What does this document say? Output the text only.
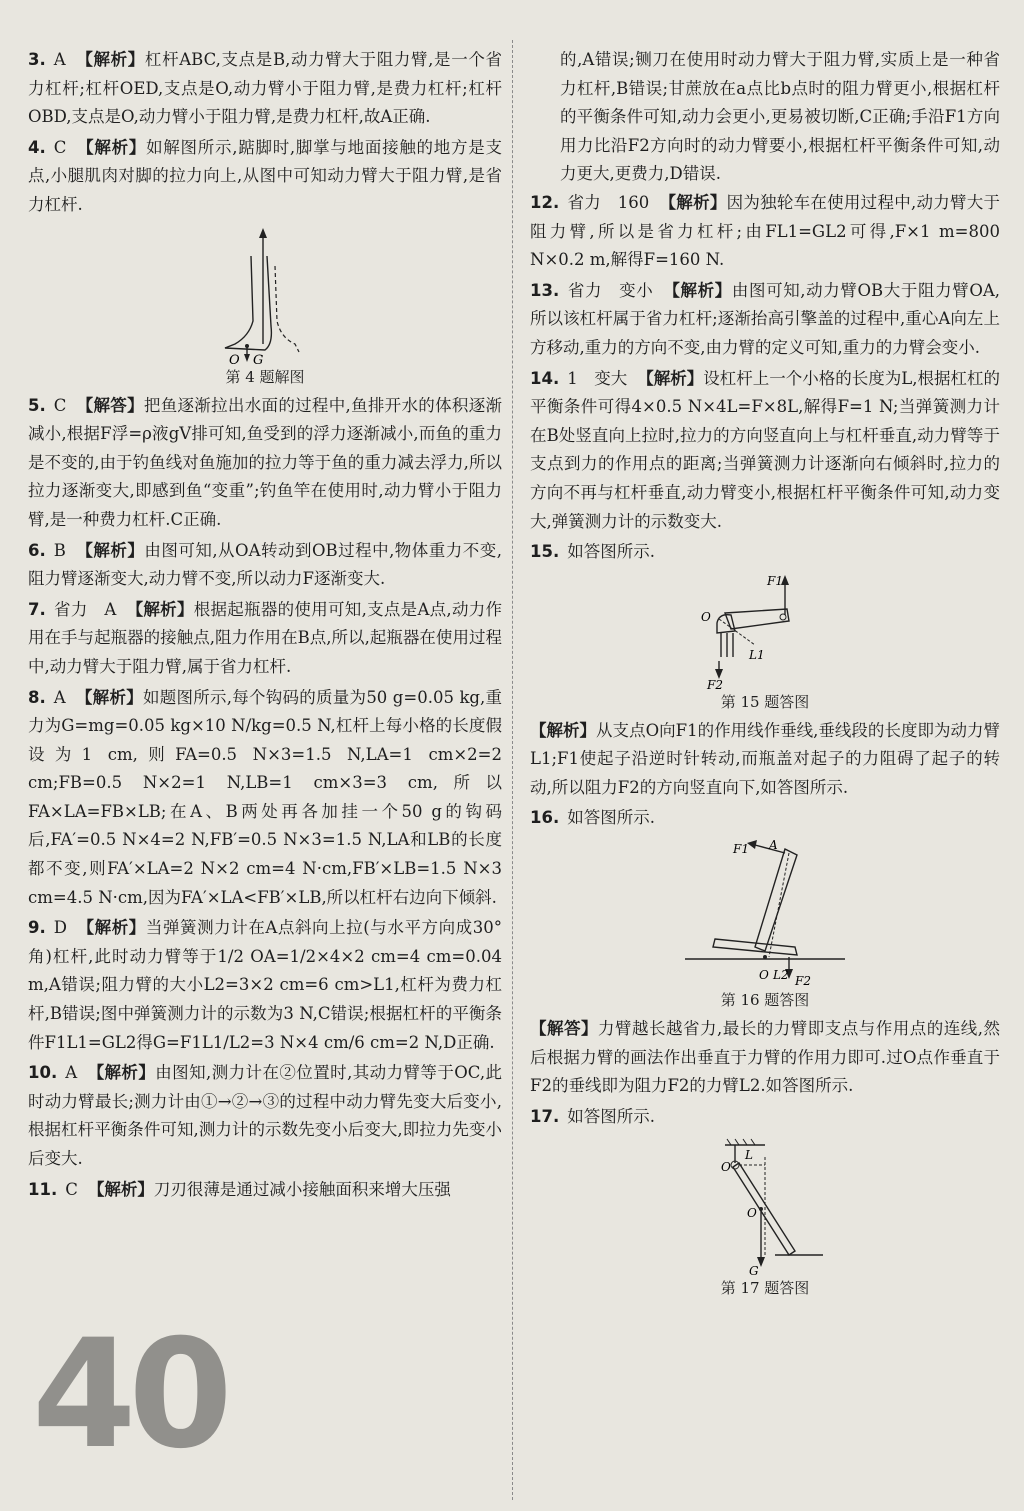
40
3. A 【解析】杠杆ABC,支点是B,动力臂大于阻力臂,是一个省力杠杆;杠杆OED,支点是O,动力臂小于阻力臂,是费力杠杆;杠杆OBD,支点是O,动力臂小于阻力臂,是费力杠杆,故A正确.
4. C 【解析】如解图所示,踮脚时,脚掌与地面接触的地方是支点,小腿肌肉对脚的拉力向上,从图中可知动力臂大于阻力臂,是省力杠杆.
O G
第 4 题解图
5. C 【解答】把鱼逐渐拉出水面的过程中,鱼排开水的体积逐渐减小,根据F浮=ρ液gV排可知,鱼受到的浮力逐渐减小,而鱼的重力是不变的,由于钓鱼线对鱼施加的拉力等于鱼的重力减去浮力,所以拉力逐渐变大,即感到鱼“变重”;钓鱼竿在使用时,动力臂小于阻力臂,是一种费力杠杆.C正确.
6. B 【解析】由图可知,从OA转动到OB过程中,物体重力不变,阻力臂逐渐变大,动力臂不变,所以动力F逐渐变大.
7. 省力　A 【解析】根据起瓶器的使用可知,支点是A点,动力作用在手与起瓶器的接触点,阻力作用在B点,所以,起瓶器在使用过程中,动力臂大于阻力臂,属于省力杠杆.
8. A 【解析】如题图所示,每个钩码的质量为50 g=0.05 kg,重力为G=mg=0.05 kg×10 N/kg=0.5 N,杠杆上每小格的长度假设为1 cm,则FA=0.5 N×3=1.5 N,LA=1 cm×2=2 cm;FB=0.5 N×2=1 N,LB=1 cm×3=3 cm,所以FA×LA=FB×LB;在A、B两处再各加挂一个50 g的钩码后,FA′=0.5 N×4=2 N,FB′=0.5 N×3=1.5 N,LA和LB的长度都不变,则FA′×LA=2 N×2 cm=4 N·cm,FB′×LB=1.5 N×3 cm=4.5 N·cm,因为FA′×LA<FB′×LB,所以杠杆右边向下倾斜.
9. D 【解析】当弹簧测力计在A点斜向上拉(与水平方向成30°角)杠杆,此时动力臂等于1/2 OA=1/2×4×2 cm=4 cm=0.04 m,A错误;阻力臂的大小L2=3×2 cm=6 cm>L1,杠杆为费力杠杆,B错误;图中弹簧测力计的示数为3 N,C错误;根据杠杆的平衡条件F1L1=GL2得G=F1L1/L2=3 N×4 cm/6 cm=2 N,D正确.
10. A 【解析】由图知,测力计在②位置时,其动力臂等于OC,此时动力臂最长;测力计由①→②→③的过程中动力臂先变大后变小,根据杠杆平衡条件可知,测力计的示数先变小后变大,即拉力先变小后变大.
11. C 【解析】刀刃很薄是通过减小接触面积来增大压强
的,A错误;铡刀在使用时动力臂大于阻力臂,实质上是一种省力杠杆,B错误;甘蔗放在a点比b点时的阻力臂更小,根据杠杆的平衡条件可知,动力会更小,更易被切断,C正确;手沿F1方向用力比沿F2方向时的动力臂要小,根据杠杆平衡条件可知,动力更大,更费力,D错误.
12. 省力　160 【解析】因为独轮车在使用过程中,动力臂大于阻力臂,所以是省力杠杆;由FL1=GL2可得,F×1 m=800 N×0.2 m,解得F=160 N.
13. 省力　变小 【解析】由图可知,动力臂OB大于阻力臂OA,所以该杠杆属于省力杠杆;逐渐抬高引擎盖的过程中,重心A向左上方移动,重力的方向不变,由力臂的定义可知,重力的力臂会变小.
14. 1　变大 【解析】设杠杆上一个小格的长度为L,根据杠杠的平衡条件可得4×0.5 N×4L=F×8L,解得F=1 N;当弹簧测力计在B处竖直向上拉时,拉力的方向竖直向上与杠杆垂直,动力臂等于支点到力的作用点的距离;当弹簧测力计逐渐向右倾斜时,拉力的方向不再与杠杆垂直,动力臂变小,根据杠杆平衡条件可知,动力变大,弹簧测力计的示数变大.
15. 如答图所示.
F1
O
L1
F2
第 15 题答图
【解析】从支点O向F1的作用线作垂线,垂线段的长度即为动力臂L1;F1使起子沿逆时针转动,而瓶盖对起子的力阻碍了起子的转动,所以阻力F2的方向竖直向下,如答图所示.
16. 如答图所示.
F1 A
O L2 F2
第 16 题答图
【解答】力臂越长越省力,最长的力臂即支点与作用点的连线,然后根据力臂的画法作出垂直于力臂的作用力即可.过O点作垂直于F2的垂线即为阻力F2的力臂L2.如答图所示.
17. 如答图所示.
O
L
O
G
第 17 题答图
